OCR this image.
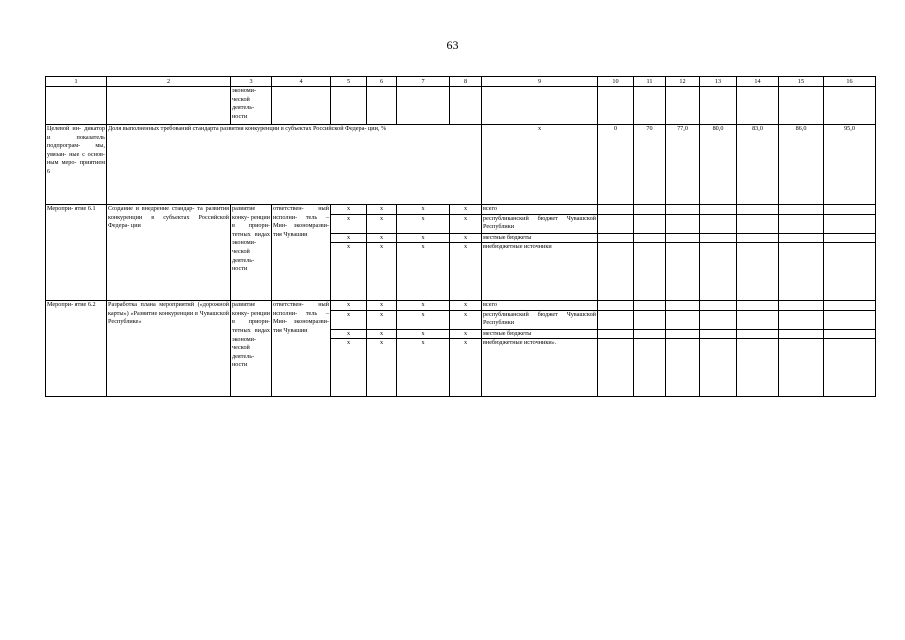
63
1	2	3	4	5	6	7	8	9	10	11	12	13	14	15	16
		экономи- ческой деятель- ности													
Целевой ин- дикатор и показатель подпрограм- мы, увязан- ные с основ- ным меро- приятием 6	Доля выполненных требований стандарта развития конкуренции в субъектах Российской Федера- ции, %							х	0	70	77,0	80,0	83,0	86,0	95,0
Меропри- ятие 6.1	Создание и внедрение стандар- та развития конкуренции в субъектах Российской Федера- ции	развитие конку- ренции в приори- тетных видах экономи- ческой деятель- ности	ответствен- ный исполни- тель – Мин- экономразви- тия Чувашии	х	х	х	х	всего							
				х	х	х	х	республиканский бюджет Чувашской Республики							
				х	х	х	х	местные бюджеты							
				х	х	х	х	внебюджетные источники							
Меропри- ятие 6.2	Разработка плана мероприятий («дорожной карты») «Развитие конкуренции в Чувашской Республике»	развитие конку- ренции в приори- тетных видах экономи- ческой деятель- ности	ответствен- ный исполни- тель – Мин- экономразви- тия Чувашии	х	х	х	х	всего							
				х	х	х	х	республиканский бюджет Чувашской Республики							
				х	х	х	х	местные бюджеты							
				х	х	х	х	внебюджетные источники».							
